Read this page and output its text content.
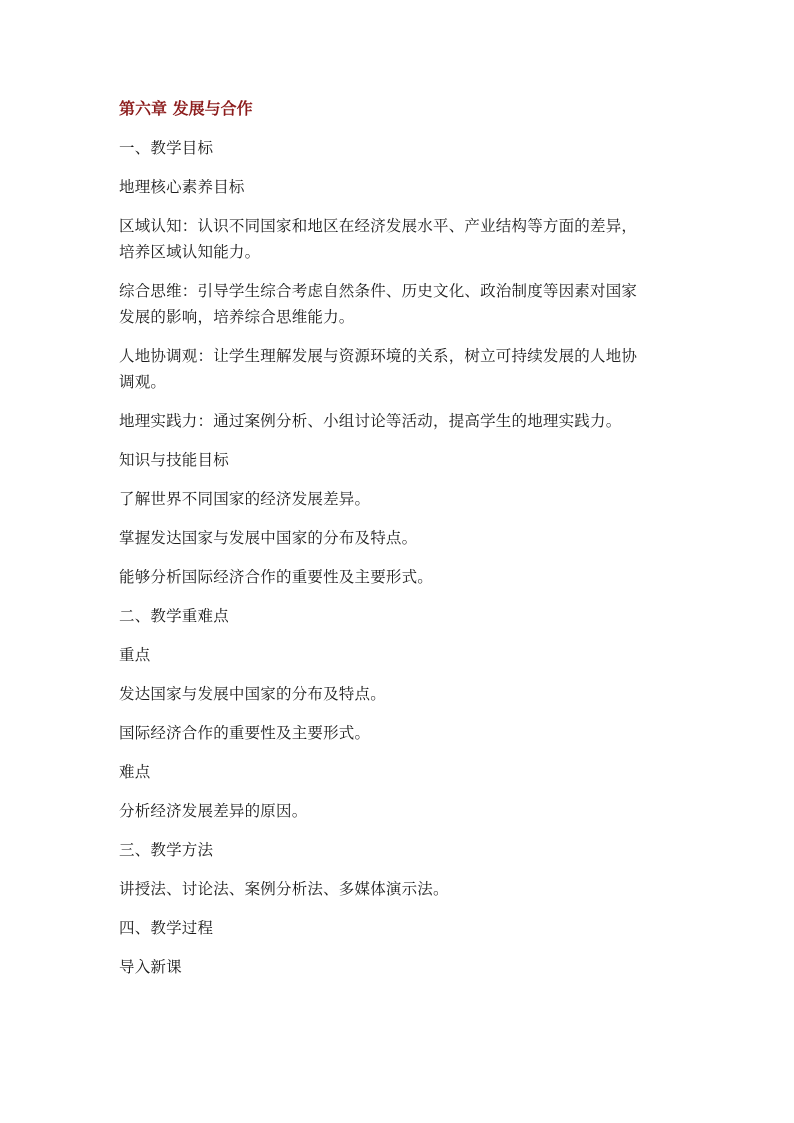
第六章 发展与合作

一、教学目标

地理核心素养目标

区域认知：认识不同国家和地区在经济发展水平、产业结构等方面的差异，

培养区域认知能力。

综合思维：引导学生综合考虑自然条件、历史文化、政治制度等因素对国家

发展的影响，培养综合思维能力。

人地协调观：让学生理解发展与资源环境的关系，树立可持续发展的人地协

调观。

地理实践力：通过案例分析、小组讨论等活动，提高学生的地理实践力。

知识与技能目标

了解世界不同国家的经济发展差异。

掌握发达国家与发展中国家的分布及特点。

能够分析国际经济合作的重要性及主要形式。

二、教学重难点

重点

发达国家与发展中国家的分布及特点。

国际经济合作的重要性及主要形式。

难点

分析经济发展差异的原因。

三、教学方法

讲授法、讨论法、案例分析法、多媒体演示法。

四、教学过程

导入新课
